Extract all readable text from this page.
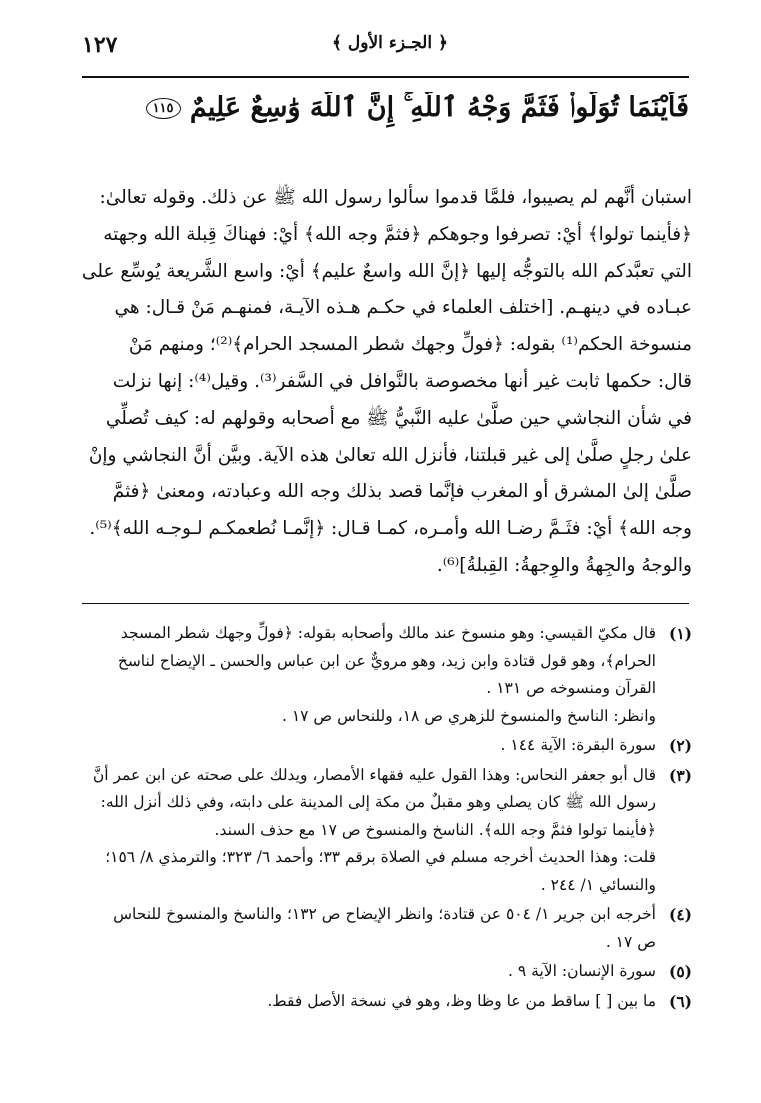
١٢٧	﴿ الجـزء الأول ﴾
فَأَيْنَمَا تُوَلُّوا۟ فَثَمَّ وَجْهُ ٱللَّهِ ۚ إِنَّ ٱللَّهَ وَٰسِعٌ عَلِيمٌ ١١٥
استبان أنَّهم لم يصيبوا، فلمَّا قدموا سألوا رسول الله ﷺ عن ذلك. وقوله تعالىٰ:
﴿فأينما تولوا﴾ أيْ: تصرفوا وجوهكم ﴿فثمَّ وجه الله﴾ أيْ: فهناكَ قِبلة الله وجهته
التي تعبَّدكم الله بالتوجُّه إليها ﴿إنَّ الله واسعٌ عليم﴾ أيْ: واسع الشَّريعة يُوسِّع على
عبـاده في دينهـم. [اختلف العلماء في حكـم هـذه الآيـة، فمنهـم مَنْ قـال: هي
منسوخة الحكم⁽¹⁾ بقوله: ﴿فولِّ وجهك شطر المسجد الحرام﴾⁽²⁾؛ ومنهم مَنْ
قال: حكمها ثابت غير أنها مخصوصة بالنَّوافل في السَّفر⁽³⁾. وقيل⁽⁴⁾: إنها نزلت
في شأن النجاشي حين صلَّىٰ عليه النَّبيُّ ﷺ مع أصحابه وقولهم له: كيف تُصلِّي
علىٰ رجلٍ صلَّىٰ إلى غير قبلتنا، فأنزل الله تعالىٰ هذه الآية. وبيَّن أنَّ النجاشي وإنْ
صلَّىٰ إلىٰ المشرق أو المغرب فإنَّما قصد بذلك وجه الله وعبادته، ومعنىٰ ﴿فثمَّ
وجه الله﴾ أيْ: فثَـمَّ رضـا الله وأمـره، كمـا قـال: ﴿إنَّمـا نُطعمكـم لـوجـه الله﴾⁽⁵⁾.
والوجهُ والجِهةُ والوِجهةُ: القِبلةُ]⁽⁶⁾.
(١)
قال مكيّ القيسي: وهو منسوخ عند مالك وأصحابه بقوله: ﴿فولِّ وجهك شطر المسجد
الحرام﴾، وهو قول قتادة وابن زيد، وهو مرويٌّ عن ابن عباس والحسن ـ الإيضاح لناسخ
القرآن ومنسوخه ص ١٣١ .
وانظر: الناسخ والمنسوخ للزهري ص ١٨، وللنحاس ص ١٧ .
(٢)
سورة البقرة: الآية ١٤٤ .
(٣)
قال أبو جعفر النحاس: وهذا القول عليه فقهاء الأمصار، ويدلك على صحته عن ابن عمر أنَّ
رسول الله ﷺ كان يصلي وهو مقبلٌ من مكة إلى المدينة على دابته، وفي ذلك أنزل الله:
﴿فأينما تولوا فثمَّ وجه الله﴾. الناسخ والمنسوخ ص ١٧ مع حذف السند.
قلت: وهذا الحديث أخرجه مسلم في الصلاة برقم ٣٣؛ وأحمد ٦/ ٣٢٣؛ والترمذي ٨/ ١٥٦؛
والنسائي ١/ ٢٤٤ .
(٤)
أخرجه ابن جرير ١/ ٥٠٤ عن قتادة؛ وانظر الإيضاح ص ١٣٢؛ والناسخ والمنسوخ للنحاس
ص ١٧ .
(٥)
سورة الإنسان: الآية ٩ .
(٦)
ما بين [ ] ساقط من عا وظا وظ، وهو في نسخة الأصل فقط.
